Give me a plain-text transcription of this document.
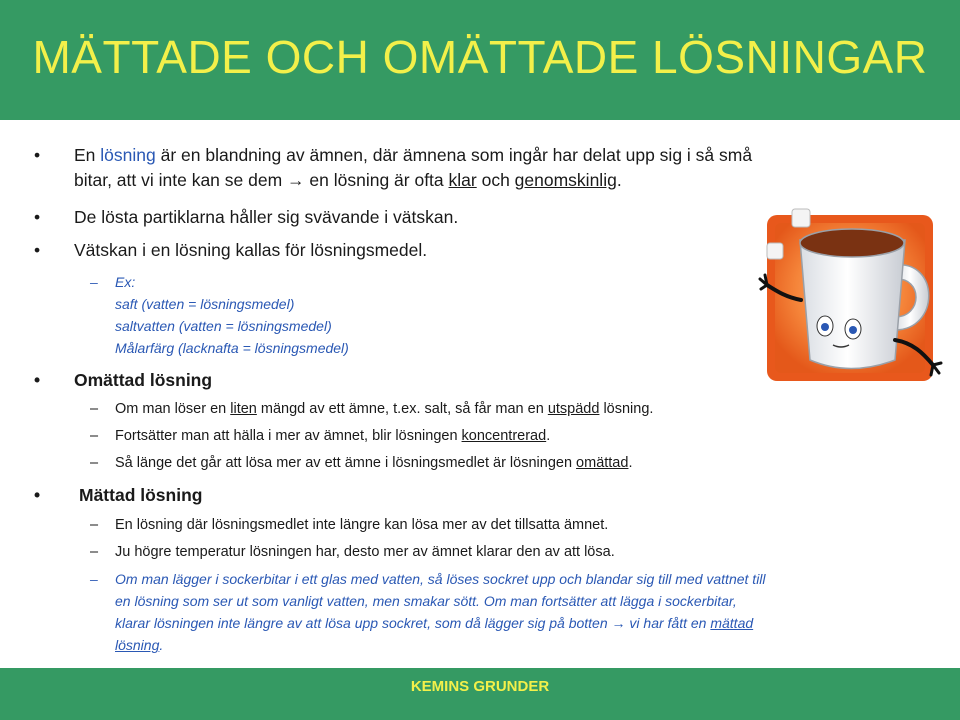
MÄTTADE OCH OMÄTTADE LÖSNINGAR
• En lösning är en blandning av ämnen, där ämnena som ingår har delat upp sig i så små
bitar, att vi inte kan se dem → en lösning är ofta klar och genomskinlig.
• De lösta partiklarna håller sig svävande i vätskan.
• Vätskan i en lösning kallas för lösningsmedel.
– Ex:
saft (vatten = lösningsmedel)
saltvatten (vatten = lösningsmedel)
Målarfärg (lacknafta = lösningsmedel)
• Omättad lösning
– Om man löser en liten mängd av ett ämne, t.ex. salt, så får man en utspädd lösning.
– Fortsätter man att hälla i mer av ämnet, blir lösningen koncentrerad.
– Så länge det går att lösa mer av ett ämne i lösningsmedlet är lösningen omättad.
• Mättad lösning
– En lösning där lösningsmedlet inte längre kan lösa mer av det tillsatta ämnet.
– Ju högre temperatur lösningen har, desto mer av ämnet klarar den av att lösa.
– Om man lägger i sockerbitar i ett glas med vatten, så löses sockret upp och blandar sig till med vattnet till
en lösning som ser ut som vanligt vatten, men smakar sött. Om man fortsätter att lägga i sockerbitar,
klarar lösningen inte längre av att lösa upp sockret, som då lägger sig på botten → vi har fått en mättad
lösning.
KEMINS GRUNDER
